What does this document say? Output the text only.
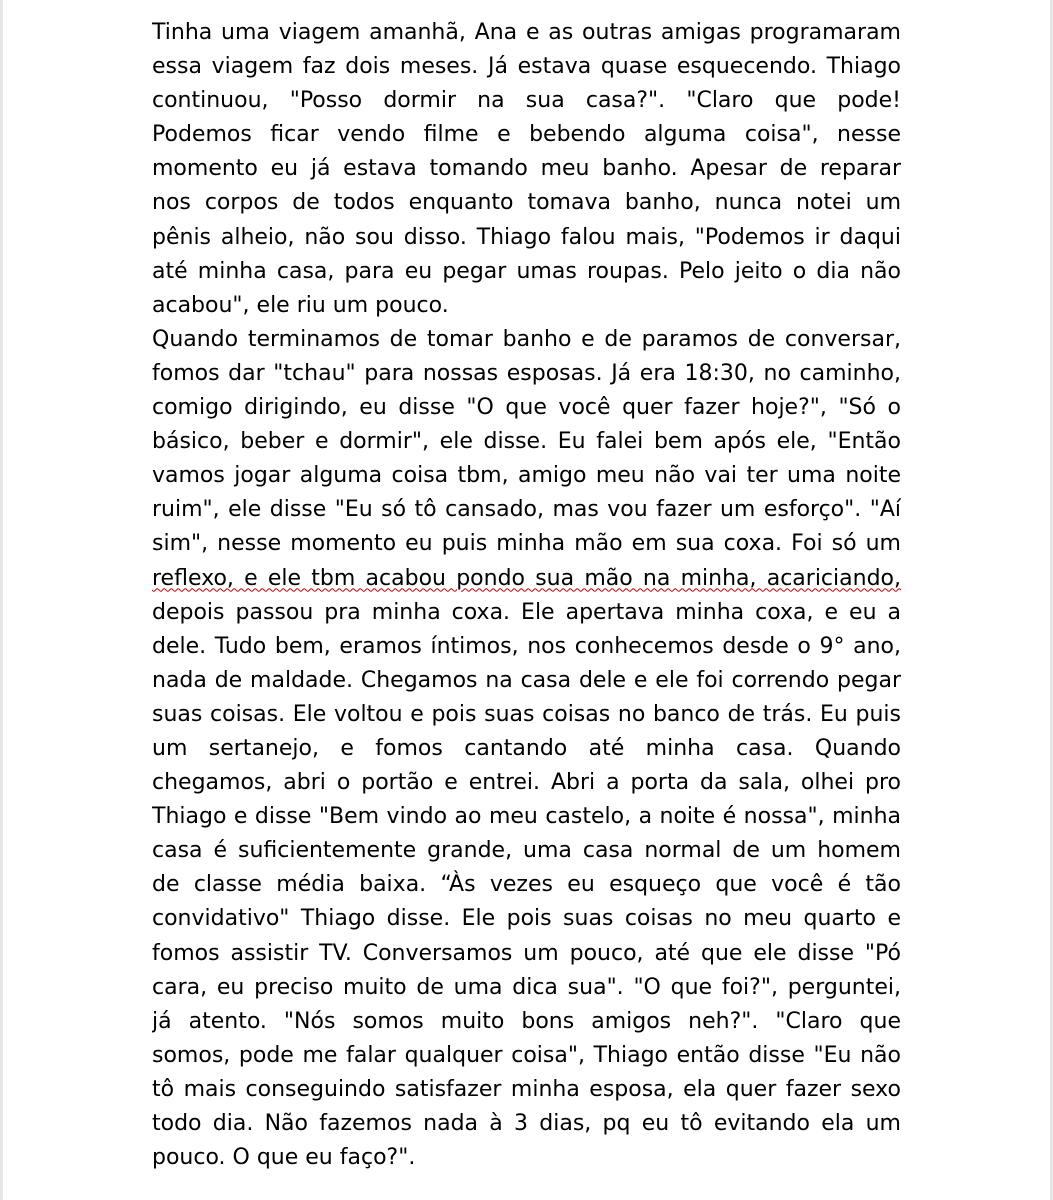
Tinha uma viagem amanhã, Ana e as outras amigas programaram
essa viagem faz dois meses. Já estava quase esquecendo. Thiago
continuou, "Posso dormir na sua casa?". "Claro que pode!
Podemos ficar vendo filme e bebendo alguma coisa", nesse
momento eu já estava tomando meu banho. Apesar de reparar
nos corpos de todos enquanto tomava banho, nunca notei um
pênis alheio, não sou disso. Thiago falou mais, "Podemos ir daqui
até minha casa, para eu pegar umas roupas. Pelo jeito o dia não
acabou", ele riu um pouco.
Quando terminamos de tomar banho e de paramos de conversar,
fomos dar "tchau" para nossas esposas. Já era 18:30, no caminho,
comigo dirigindo, eu disse "O que você quer fazer hoje?", "Só o
básico, beber e dormir", ele disse. Eu falei bem após ele, "Então
vamos jogar alguma coisa tbm, amigo meu não vai ter uma noite
ruim", ele disse "Eu só tô cansado, mas vou fazer um esforço". "Aí
sim", nesse momento eu puis minha mão em sua coxa. Foi só um
reflexo, e ele tbm acabou pondo sua mão na minha, acariciando,
depois passou pra minha coxa. Ele apertava minha coxa, e eu a
dele. Tudo bem, eramos íntimos, nos conhecemos desde o 9° ano,
nada de maldade. Chegamos na casa dele e ele foi correndo pegar
suas coisas. Ele voltou e pois suas coisas no banco de trás. Eu puis
um sertanejo, e fomos cantando até minha casa. Quando
chegamos, abri o portão e entrei. Abri a porta da sala, olhei pro
Thiago e disse "Bem vindo ao meu castelo, a noite é nossa", minha
casa é suficientemente grande, uma casa normal de um homem
de classe média baixa. “Às vezes eu esqueço que você é tão
convidativo" Thiago disse. Ele pois suas coisas no meu quarto e
fomos assistir TV. Conversamos um pouco, até que ele disse "Pó
cara, eu preciso muito de uma dica sua". "O que foi?", perguntei,
já atento. "Nós somos muito bons amigos neh?". "Claro que
somos, pode me falar qualquer coisa", Thiago então disse "Eu não
tô mais conseguindo satisfazer minha esposa, ela quer fazer sexo
todo dia. Não fazemos nada à 3 dias, pq eu tô evitando ela um
pouco. O que eu faço?".
